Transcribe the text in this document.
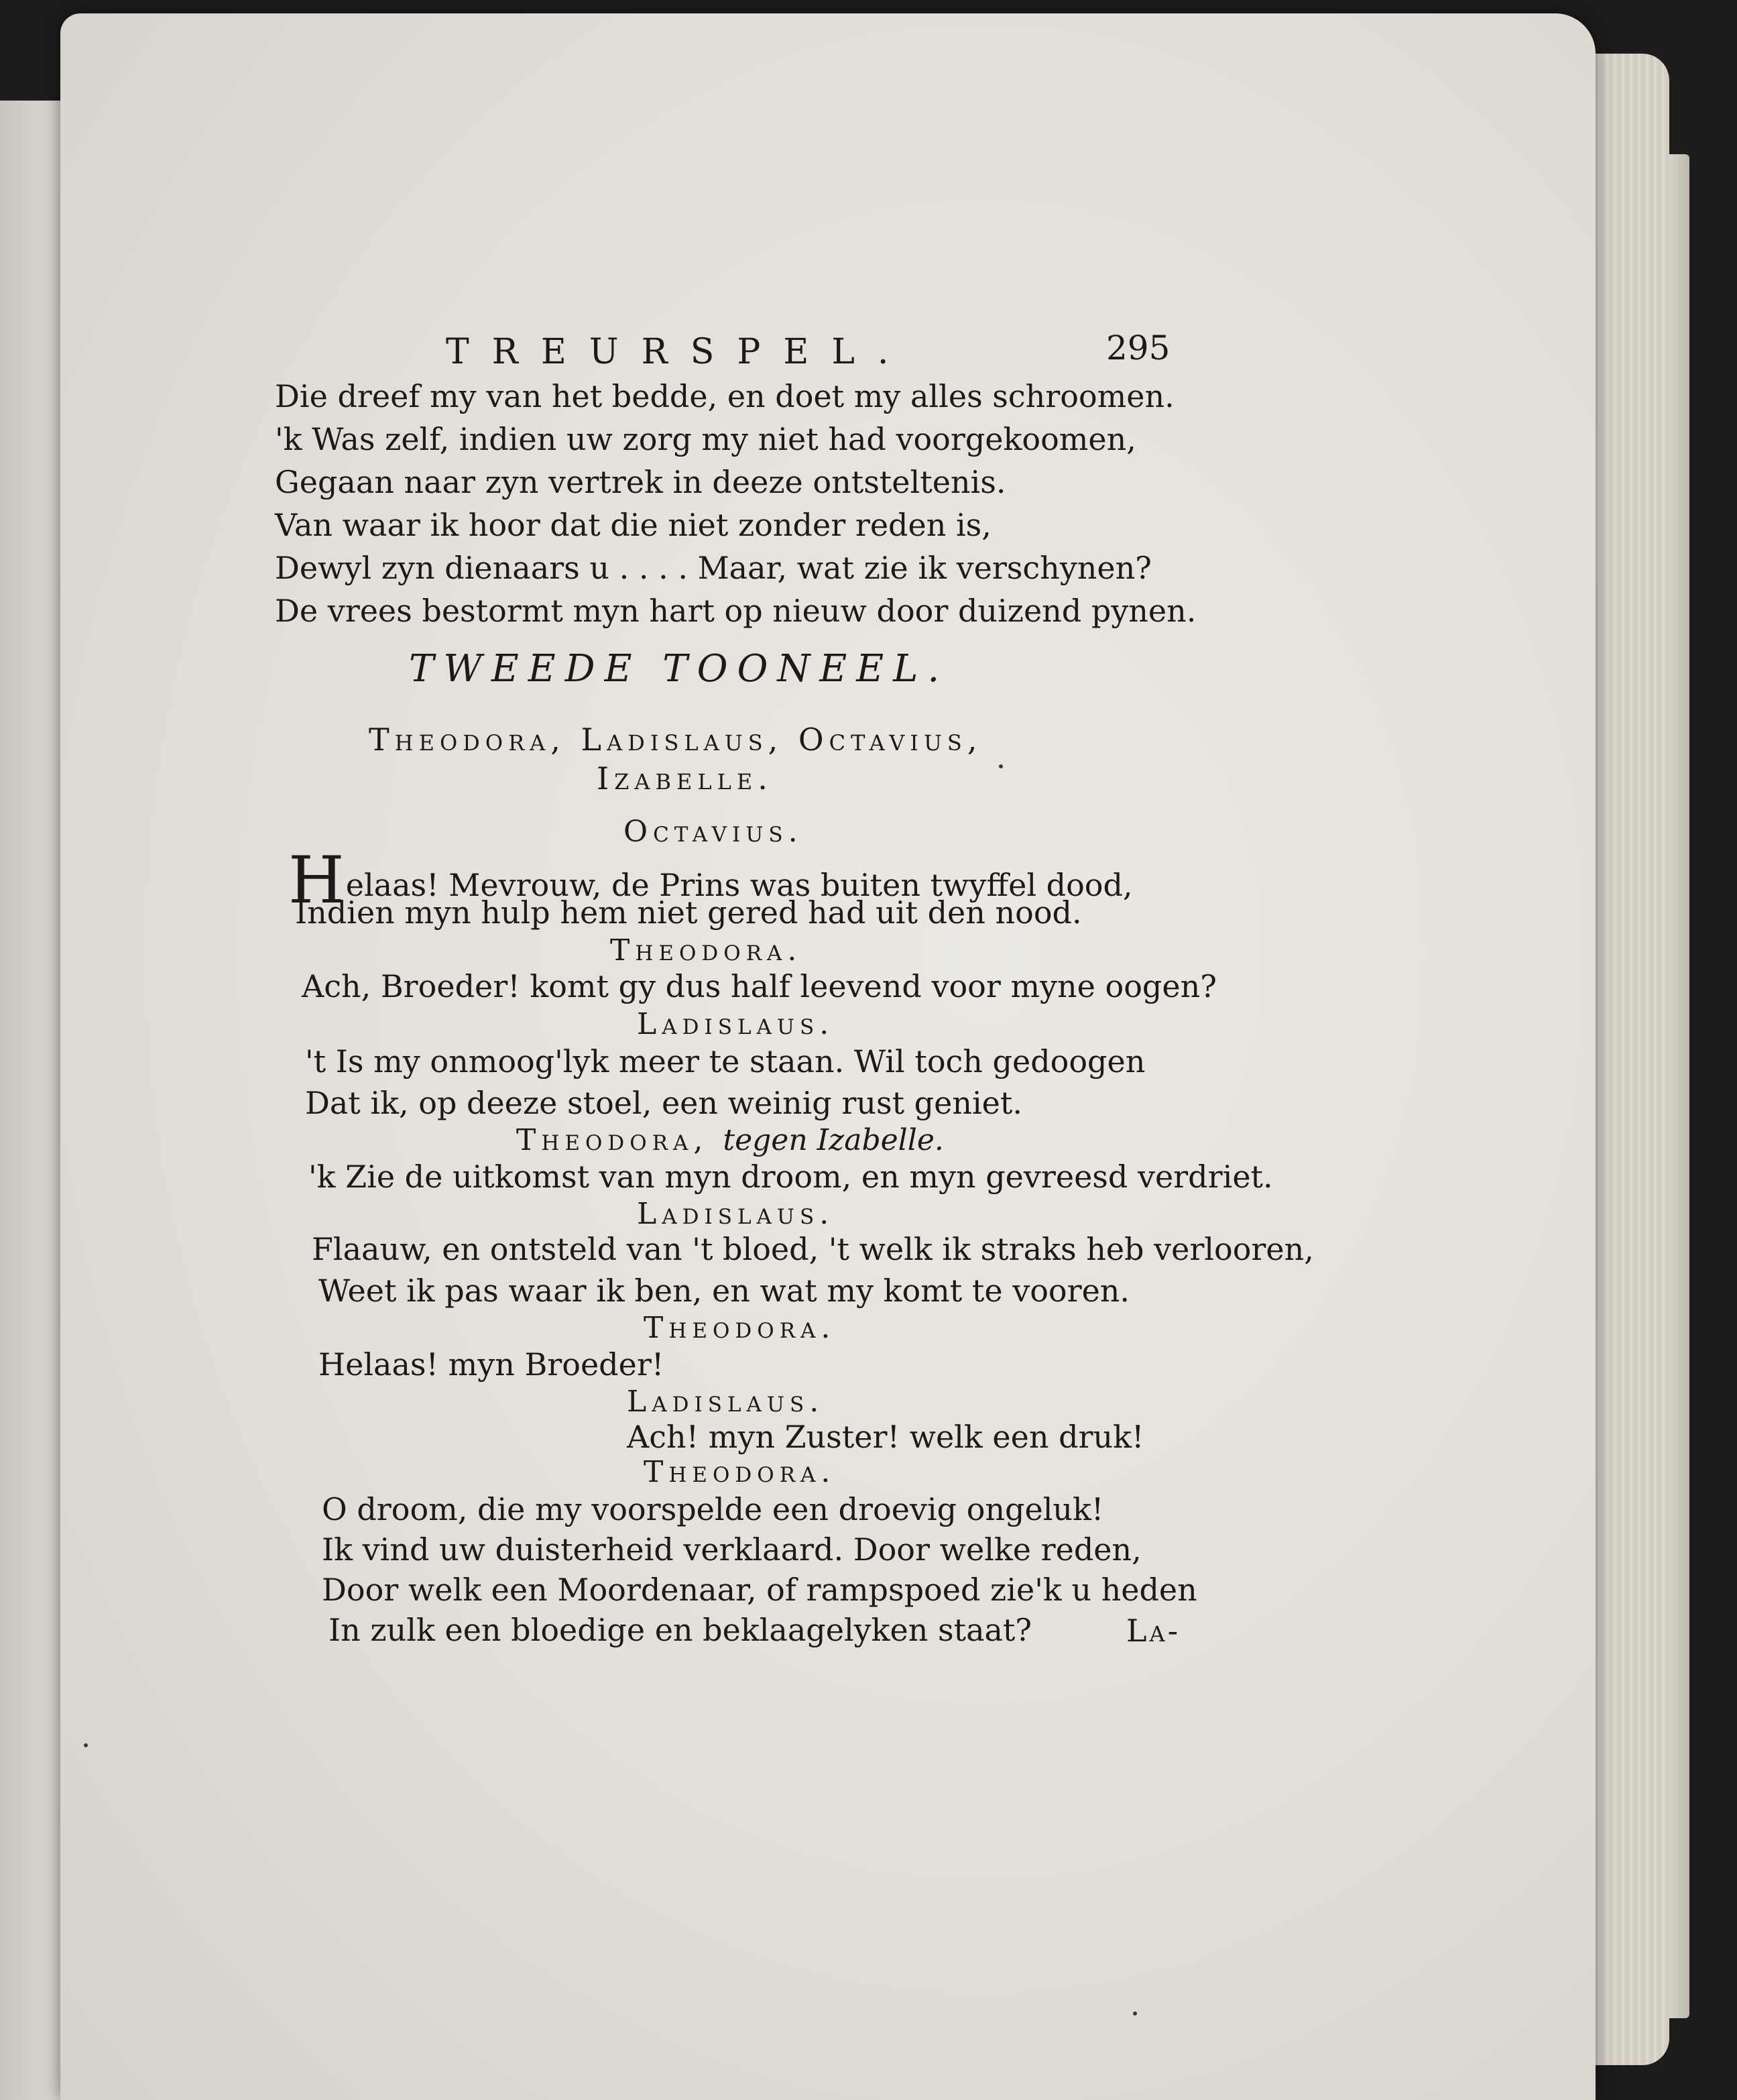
TREURSPEL.	295
Die dreef my van het bedde, en doet my alles schroomen.
'k Was zelf, indien uw zorg my niet had voorgekoomen,
Gegaan naar zyn vertrek in deeze ontsteltenis.
Van waar ik hoor dat die niet zonder reden is,
Dewyl zyn dienaars u . . . . Maar, wat zie ik verschynen?
De vrees bestormt myn hart op nieuw door duizend pynen.
TWEEDE TOONEEL.
Theodora, Ladislaus, Octavius,
Izabelle.
Octavius.
Helaas! Mevrouw, de Prins was buiten twyffel dood,
Indien myn hulp hem niet gered had uit den nood.
Theodora.
Ach, Broeder! komt gy dus half leevend voor myne oogen?
Ladislaus.
't Is my onmoog'lyk meer te staan. Wil toch gedoogen
Dat ik, op deeze stoel, een weinig rust geniet.
Theodora, tegen Izabelle.
'k Zie de uitkomst van myn droom, en myn gevreesd verdriet.
Ladislaus.
Flaauw, en ontsteld van 't bloed, 't welk ik straks heb verlooren,
Weet ik pas waar ik ben, en wat my komt te vooren.
Theodora.
Helaas! myn Broeder!
Ladislaus.
Ach! myn Zuster! welk een druk!
Theodora.
O droom, die my voorspelde een droevig ongeluk!
Ik vind uw duisterheid verklaard. Door welke reden,
Door welk een Moordenaar, of rampspoed zie'k u heden
In zulk een bloedige en beklaagelyken staat?	La-
